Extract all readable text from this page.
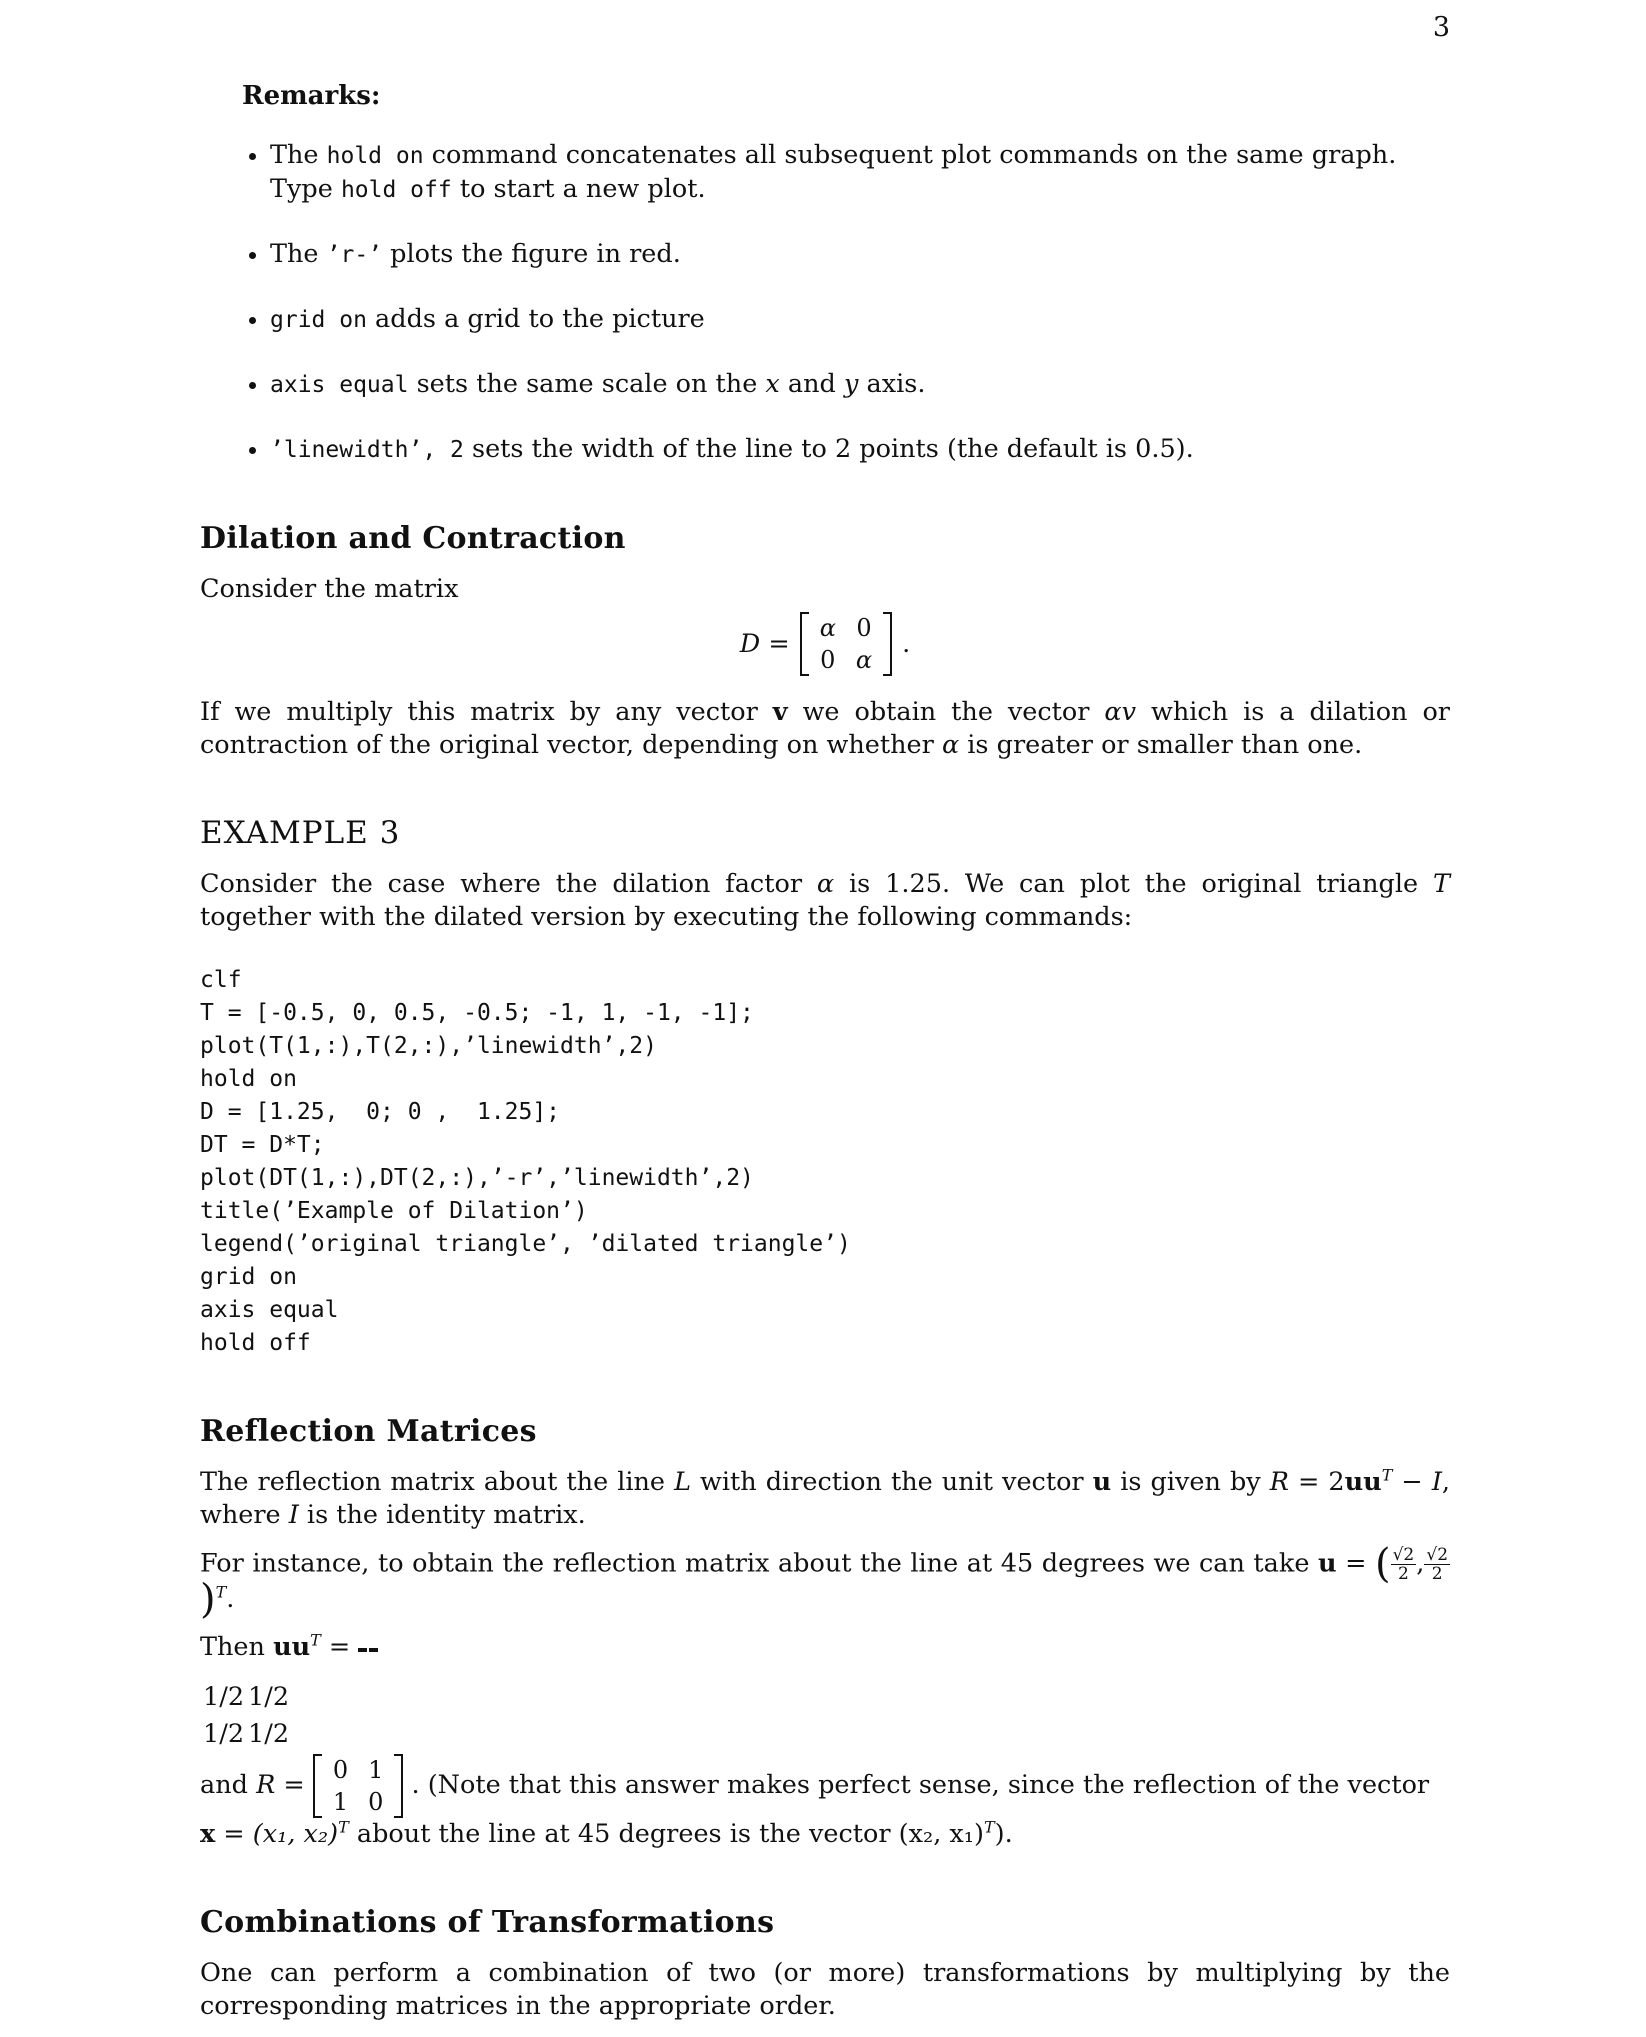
3
Remarks:
• The hold on command concatenates all subsequent plot commands on the same graph. Type hold off to start a new plot.
• The ’r-’ plots the figure in red.
• grid on adds a grid to the picture
• axis equal sets the same scale on the x and y axis.
• ’linewidth’, 2 sets the width of the line to 2 points (the default is 0.5).
Dilation and Contraction

Consider the matrix

D =
α	0
0	α
.

If we multiply this matrix by any vector v we obtain the vector αv which is a dilation or contraction of the original vector, depending on whether α is greater or smaller than one.

EXAMPLE 3

Consider the case where the dilation factor α is 1.25. We can plot the original triangle T together with the dilated version by executing the following commands:

clf
T = [-0.5, 0, 0.5, -0.5; -1, 1, -1, -1];
plot(T(1,:),T(2,:),’linewidth’,2)
hold on
D = [1.25,  0; 0 ,  1.25];
DT = D*T;
plot(DT(1,:),DT(2,:),’-r’,’linewidth’,2)
title(’Example of Dilation’)
legend(’original triangle’, ’dilated triangle’)
grid on
axis equal
hold off
Reflection Matrices

The reflection matrix about the line L with direction the unit vector u is given by $R = 2uu^T - I$, where I is the identity matrix.

For instance, to obtain the reflection matrix about the line at 45 degrees we can take u = ( $\frac{√2}{2}$ , $\frac{√2}{2}$
)$^T$.

Then $uu^T$ =

1/2	1/2
1/2	1/2
and R = 0	1
1	0
. (Note that this answer makes perfect sense, since the reflection of the vector x = (x₁, x₂)$^T$ about the line at 45 degrees is the vector (x₂, x₁)$^T$).

Combinations of Transformations

One can perform a combination of two (or more) transformations by multiplying by the corresponding matrices in the appropriate order.
